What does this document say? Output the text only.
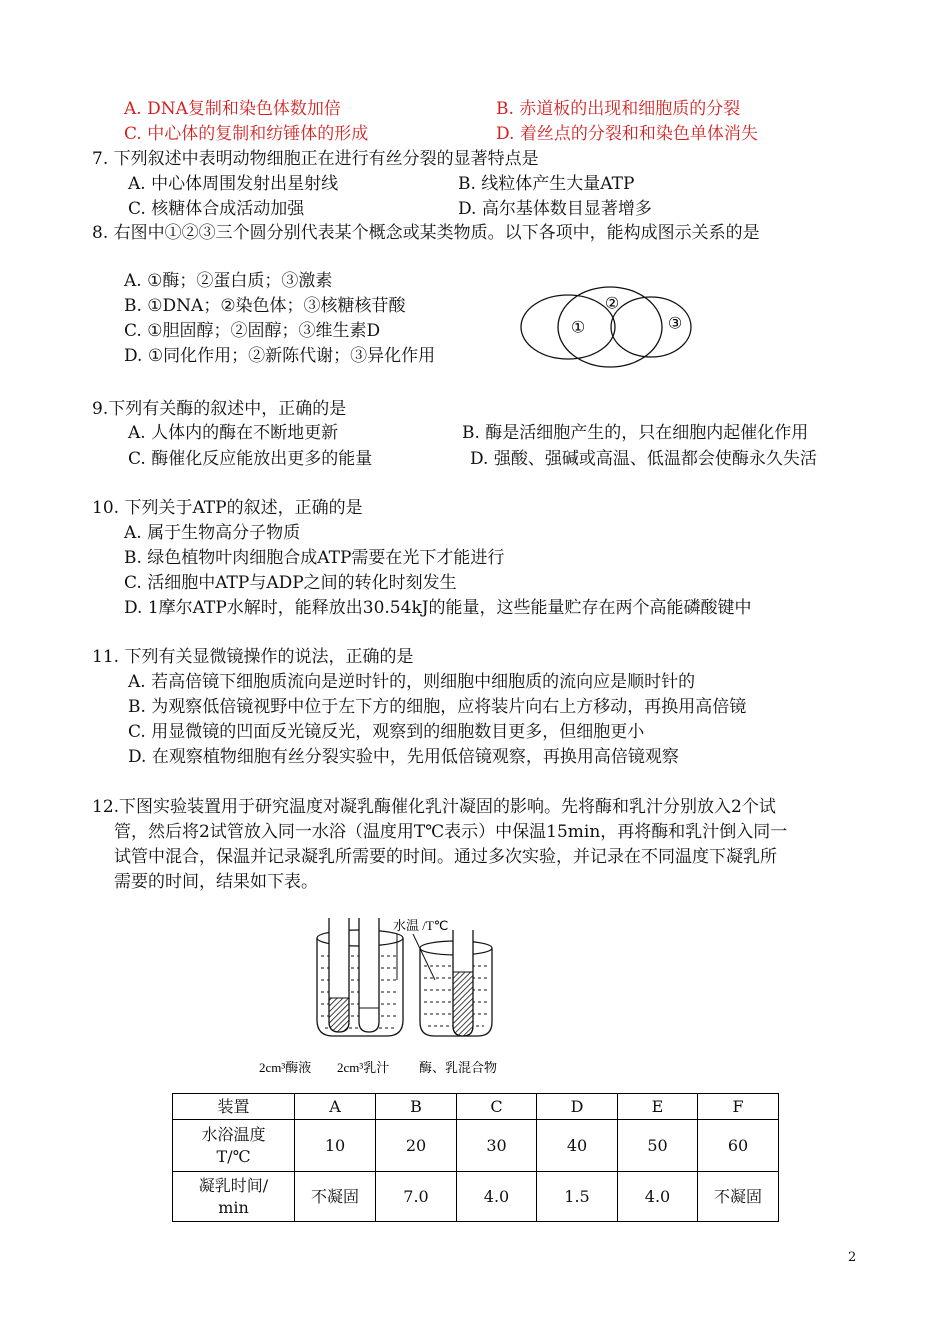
A. DNA复制和染色体数加倍	B. 赤道板的出现和细胞质的分裂
C. 中心体的复制和纺锤体的形成	D. 着丝点的分裂和和染色单体消失
7. 下列叙述中表明动物细胞正在进行有丝分裂的显著特点是
A. 中心体周围发射出星射线	B. 线粒体产生大量ATP
C. 核糖体合成活动加强	D. 高尔基体数目显著增多
8. 右图中①②③三个圆分别代表某个概念或某类物质。以下各项中，能构成图示关系的是
A. ①酶；②蛋白质；③激素
B. ①DNA；②染色体；③核糖核苷酸
C. ①胆固醇；②固醇；③维生素D
D. ①同化作用；②新陈代谢；③异化作用
①
②
③
9.下列有关酶的叙述中，正确的是
A. 人体内的酶在不断地更新	B. 酶是活细胞产生的，只在细胞内起催化作用
C. 酶催化反应能放出更多的能量	D. 强酸、强碱或高温、低温都会使酶永久失活
10. 下列关于ATP的叙述，正确的是
A. 属于生物高分子物质
B. 绿色植物叶肉细胞合成ATP需要在光下才能进行
C. 活细胞中ATP与ADP之间的转化时刻发生
D. 1摩尔ATP水解时，能释放出30.54kJ的能量，这些能量贮存在两个高能磷酸键中
11. 下列有关显微镜操作的说法，正确的是
A. 若高倍镜下细胞质流向是逆时针的，则细胞中细胞质的流向应是顺时针的
B. 为观察低倍镜视野中位于左下方的细胞，应将装片向右上方移动，再换用高倍镜
C. 用显微镜的凹面反光镜反光，观察到的细胞数目更多，但细胞更小
D. 在观察植物细胞有丝分裂实验中，先用低倍镜观察，再换用高倍镜观察
12.下图实验装置用于研究温度对凝乳酶催化乳汁凝固的影响。先将酶和乳汁分别放入2个试
管，然后将2试管放入同一水浴（温度用T℃表示）中保温15min，再将酶和乳汁倒入同一
试管中混合，保温并记录凝乳所需要的时间。通过多次实验，并记录在不同温度下凝乳所
需要的时间，结果如下表。
水温 /T℃
2cm³酶液 2cm³乳汁 酶、乳混合物
装置	A	B	C	D	E	F
水浴温度
T/℃	10	20	30	40	50	60
凝乳时间/
min	不凝固	7.0	4.0	1.5	4.0	不凝固
2
